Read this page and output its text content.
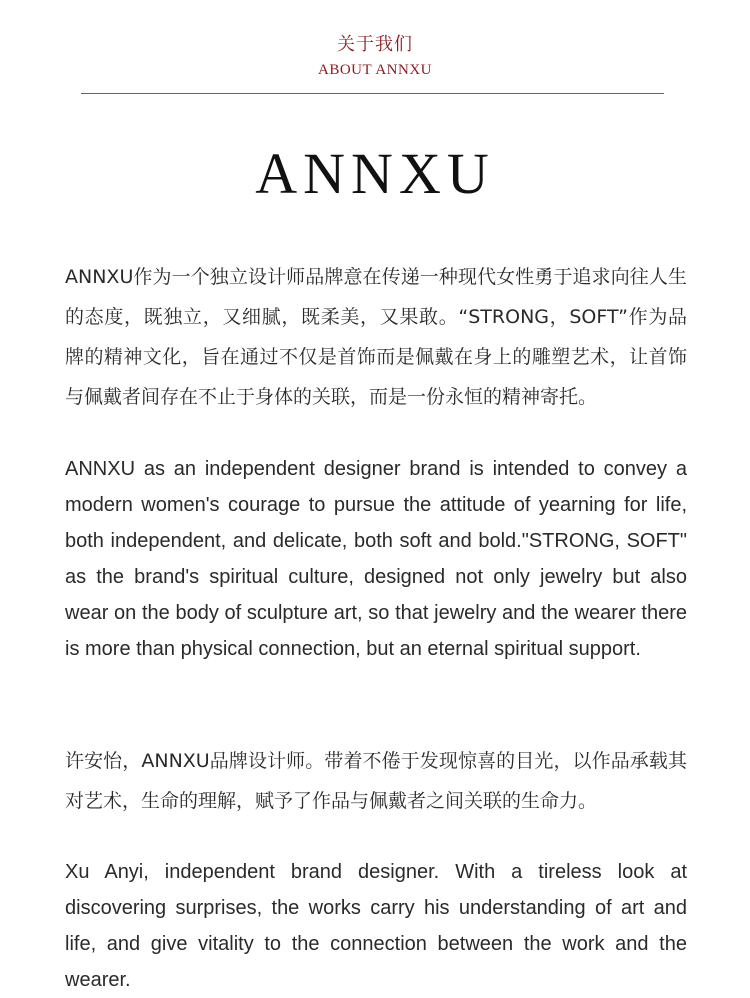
关于我们
ABOUT ANNXU
ANNXU

ANNXU作为一个独立设计师品牌意在传递一种现代女性勇于追求向往人生的态度，既独立，又细腻，既柔美，又果敢。“STRONG，SOFT”作为品牌的精神文化，旨在通过不仅是首饰而是佩戴在身上的雕塑艺术，让首饰与佩戴者间存在不止于身体的关联，而是一份永恒的精神寄托。

ANNXU as an independent designer brand is intended to convey a modern women's courage to pursue the attitude of yearning for life, both independent, and delicate, both soft and bold."STRONG, SOFT" as the brand's spiritual culture, designed not only jewelry but also wear on the body of sculpture art, so that jewelry and the wearer there is more than physical connection, but an eternal spiritual support.

许安怡，ANNXU品牌设计师。带着不倦于发现惊喜的目光，以作品承载其对艺术，生命的理解，赋予了作品与佩戴者之间关联的生命力。

Xu Anyi, independent brand designer. With a tireless look at discovering surprises, the works carry his understanding of art and life, and give vitality to the connection between the work and the wearer.
